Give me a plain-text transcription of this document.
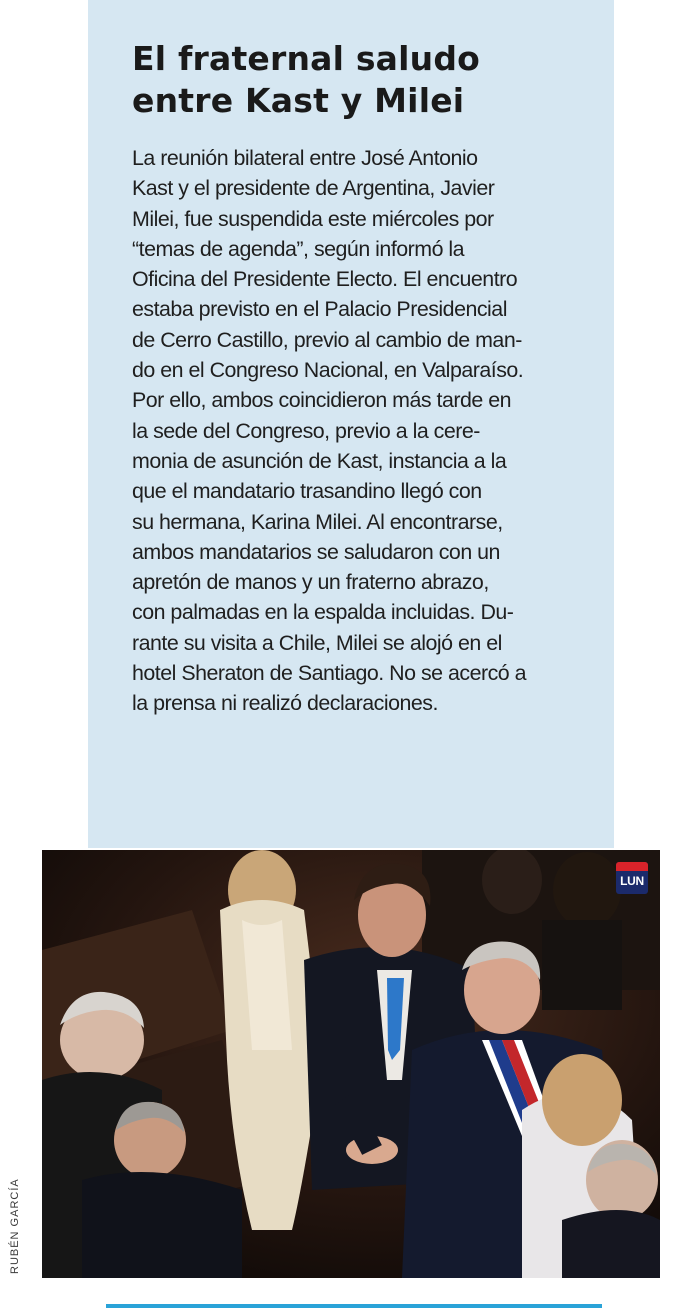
El fraternal saludo
entre Kast y Milei
La reunión bilateral entre José Antonio
Kast y el presidente de Argentina, Javier
Milei, fue suspendida este miércoles por
“temas de agenda”, según informó la
Oficina del Presidente Electo. El encuentro
estaba previsto en el Palacio Presidencial
de Cerro Castillo, previo al cambio de man-
do en el Congreso Nacional, en Valparaíso.
Por ello, ambos coincidieron más tarde en
la sede del Congreso, previo a la cere-
monia de asunción de Kast, instancia a la
que el mandatario trasandino llegó con
su hermana, Karina Milei. Al encontrarse,
ambos mandatarios se saludaron con un
apretón de manos y un fraterno abrazo,
con palmadas en la espalda incluidas. Du-
rante su visita a Chile, Milei se alojó en el
hotel Sheraton de Santiago. No se acercó a
la prensa ni realizó declaraciones.
LUN
RUBÉN GARCÍA
